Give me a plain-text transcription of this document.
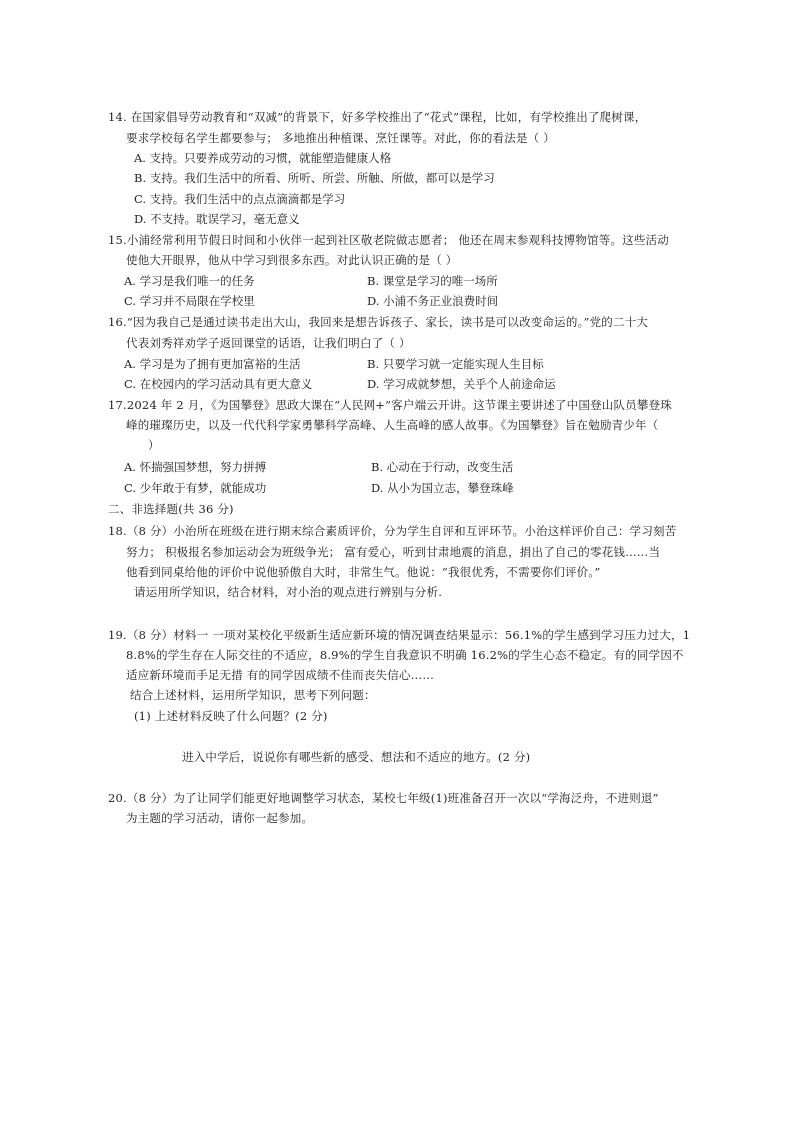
14. 在国家倡导劳动教育和“双减”的背景下，好多学校推出了“花式”课程，比如，有学校推出了爬树课，
要求学校每名学生都要参与； 多地推出种植课、烹饪课等。对此，你的看法是（ ）
A. 支持。只要养成劳动的习惯，就能塑造健康人格
B. 支持。我们生活中的所看、所听、所尝、所触、所做，都可以是学习
C. 支持。我们生活中的点点滴滴都是学习
D. 不支持。耽误学习，毫无意义
15.小浦经常利用节假日时间和小伙伴一起到社区敬老院做志愿者； 他还在周末参观科技博物馆等。这些活动
使他大开眼界，他从中学习到很多东西。对此认识正确的是（ ）
A. 学习是我们唯一的任务	B. 课堂是学习的唯一场所
C. 学习并不局限在学校里	D. 小浦不务正业浪费时间
16.“因为我自己是通过读书走出大山，我回来是想告诉孩子、家长，读书是可以改变命运的。”党的二十大
代表刘秀祥劝学子返回课堂的话语，让我们明白了（ ）
A. 学习是为了拥有更加富裕的生活	B. 只要学习就一定能实现人生目标
C. 在校园内的学习活动具有更大意义	D. 学习成就梦想，关乎个人前途命运
17.2024 年 2 月，《为国攀登》思政大课在“人民网+”客户端云开讲。这节课主要讲述了中国登山队员攀登珠
峰的璀璨历史，以及一代代科学家勇攀科学高峰、人生高峰的感人故事。《为国攀登》旨在勉励青少年（
）
A. 怀揣强国梦想，努力拼搏	B. 心动在于行动，改变生活
C. 少年敢于有梦，就能成功	D. 从小为国立志，攀登珠峰
二、非选择题(共 36 分)
18.（8 分）小治所在班级在进行期末综合素质评价，分为学生自评和互评环节。小治这样评价自己：学习刻苦
努力； 积极报名参加运动会为班级争光； 富有爱心，听到甘肃地震的消息，捐出了自己的零花钱……当
他看到同桌给他的评价中说他骄傲自大时，非常生气。他说：“我很优秀，不需要你们评价。”
请运用所学知识，结合材料，对小治的观点进行辨别与分析.
19.（8 分）材料一 一项对某校化平级新生适应新环境的情况调查结果显示：56.1%的学生感到学习压力过大，1
8.8%的学生存在人际交往的不适应，8.9%的学生自我意识不明确 16.2%的学生心态不稳定。有的同学因不
适应新环境而手足无措 有的同学因成绩不佳而丧失信心……
结合上述材料，运用所学知识，思考下列问题：
(1) 上述材料反映了什么问题？(2 分)
进入中学后，说说你有哪些新的感受、想法和不适应的地方。(2 分)
20.（8 分）为了让同学们能更好地调整学习状态，某校七年级(1)班准备召开一次以“学海泛舟，不进则退”
为主题的学习活动，请你一起参加。
